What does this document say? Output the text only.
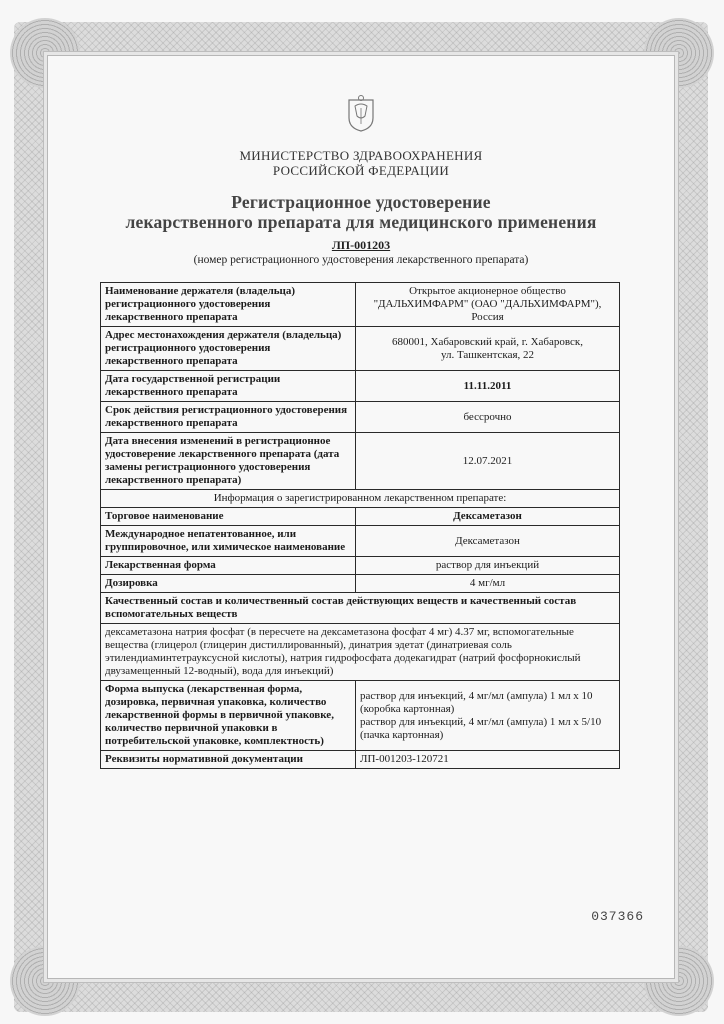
МИНИСТЕРСТВО ЗДРАВООХРАНЕНИЯ
РОССИЙСКОЙ ФЕДЕРАЦИИ
Регистрационное удостоверение
лекарственного препарата для медицинского применения
ЛП-001203
(номер регистрационного удостоверения лекарственного препарата)
Наименование держателя (владельца) регистрационного удостоверения лекарственного препарата	Открытое акционерное общество
"ДАЛЬХИМФАРМ" (ОАО "ДАЛЬХИМФАРМ"),
Россия

Адрес местонахождения держателя (владельца) регистрационного удостоверения лекарственного препарата	680001, Хабаровский край, г. Хабаровск,
ул. Ташкентская, 22

Дата государственной регистрации лекарственного препарата	11.11.2011
Срок действия регистрационного удостоверения лекарственного препарата	бессрочно
Дата внесения изменений в регистрационное удостоверение лекарственного препарата (дата замены регистрационного удостоверения лекарственного препарата)	12.07.2021
Информация о зарегистрированном лекарственном препарате:	
Торговое наименование	Дексаметазон
Международное непатентованное, или группировочное, или химическое наименование	Дексаметазон
Лекарственная форма	раствор для инъекций
Дозировка	4 мг/мл
Качественный состав и количественный состав действующих веществ и качественный состав вспомогательных веществ	
дексаметазона натрия фосфат (в пересчете на дексаметазона фосфат 4 мг) 4.37 мг, вспомогательные вещества (глицерол (глицерин дистиллированный), динатрия эдетат (динатриевая соль этилендиаминтетрауксусной кислоты), натрия гидрофосфата додекагидрат (натрий фосфорнокислый двузамещенный 12-водный), вода для инъекций)	
Форма выпуска (лекарственная форма, дозировка, первичная упаковка, количество лекарственной формы в первичной упаковке, количество первичной упаковки в потребительской упаковке, комплектность)	раствор для инъекций, 4 мг/мл (ампула) 1 мл х 10 (коробка картонная)
раствор для инъекций, 4 мг/мл (ампула) 1 мл х 5/10 (пачка картонная)

Реквизиты нормативной документации	ЛП-001203-120721
037366
